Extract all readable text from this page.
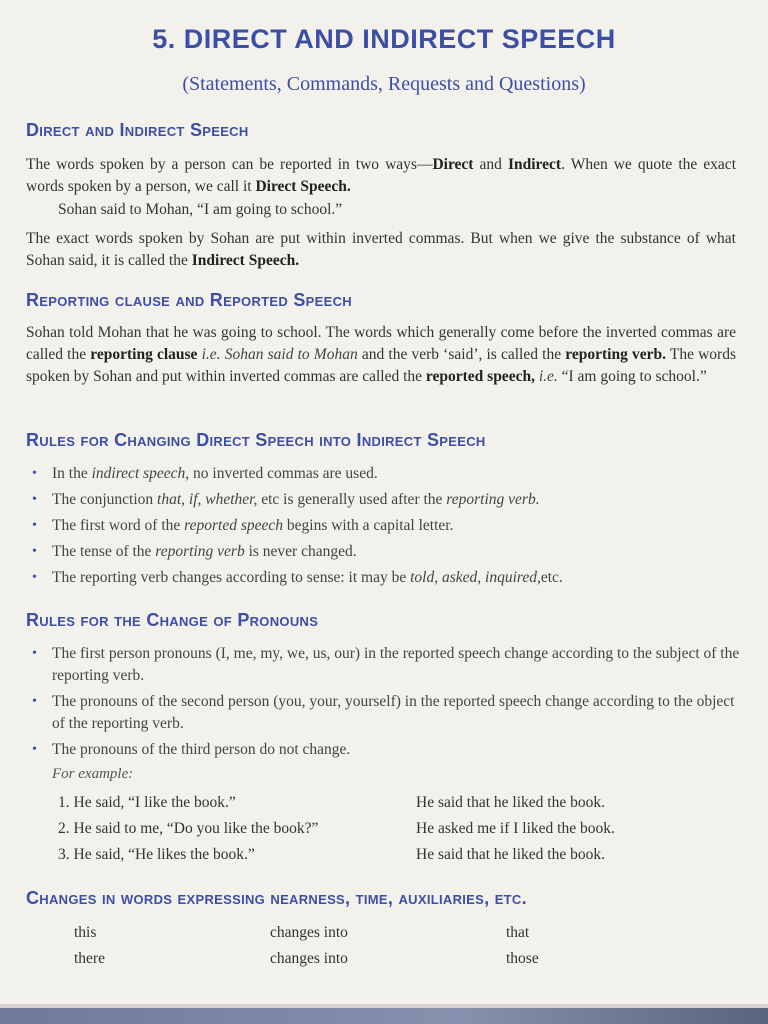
5. DIRECT AND INDIRECT SPEECH
(Statements, Commands, Requests and Questions)
Direct and Indirect Speech
The words spoken by a person can be reported in two ways—Direct and Indirect. When we quote the exact words spoken by a person, we call it Direct Speech.
Sohan said to Mohan, “I am going to school.”
The exact words spoken by Sohan are put within inverted commas. But when we give the substance of what Sohan said, it is called the Indirect Speech.
Reporting clause and Reported Speech
Sohan told Mohan that he was going to school. The words which generally come before the inverted commas are called the reporting clause i.e. Sohan said to Mohan and the verb ‘said’, is called the reporting verb. The words spoken by Sohan and put within inverted commas are called the reported speech, i.e. “I am going to school.”
Rules for Changing Direct Speech into Indirect Speech
• In the indirect speech, no inverted commas are used.
• The conjunction that, if, whether, etc is generally used after the reporting verb.
• The first word of the reported speech begins with a capital letter.
• The tense of the reporting verb is never changed.
• The reporting verb changes according to sense: it may be told, asked, inquired,etc.
Rules for the Change of Pronouns
• The first person pronouns (I, me, my, we, us, our) in the reported speech change according to the subject of the reporting verb.
• The pronouns of the second person (you, your, yourself) in the reported speech change according to the object of the reporting verb.
• The pronouns of the third person do not change.
For example:
1. He said, “I like the book.”	He said that he liked the book.
2. He said to me, “Do you like the book?”	He asked me if I liked the book.
3. He said, “He likes the book.”	He said that he liked the book.
Changes in words expressing nearness, time, auxiliaries, etc.
this	changes into	that
there	changes into	those
